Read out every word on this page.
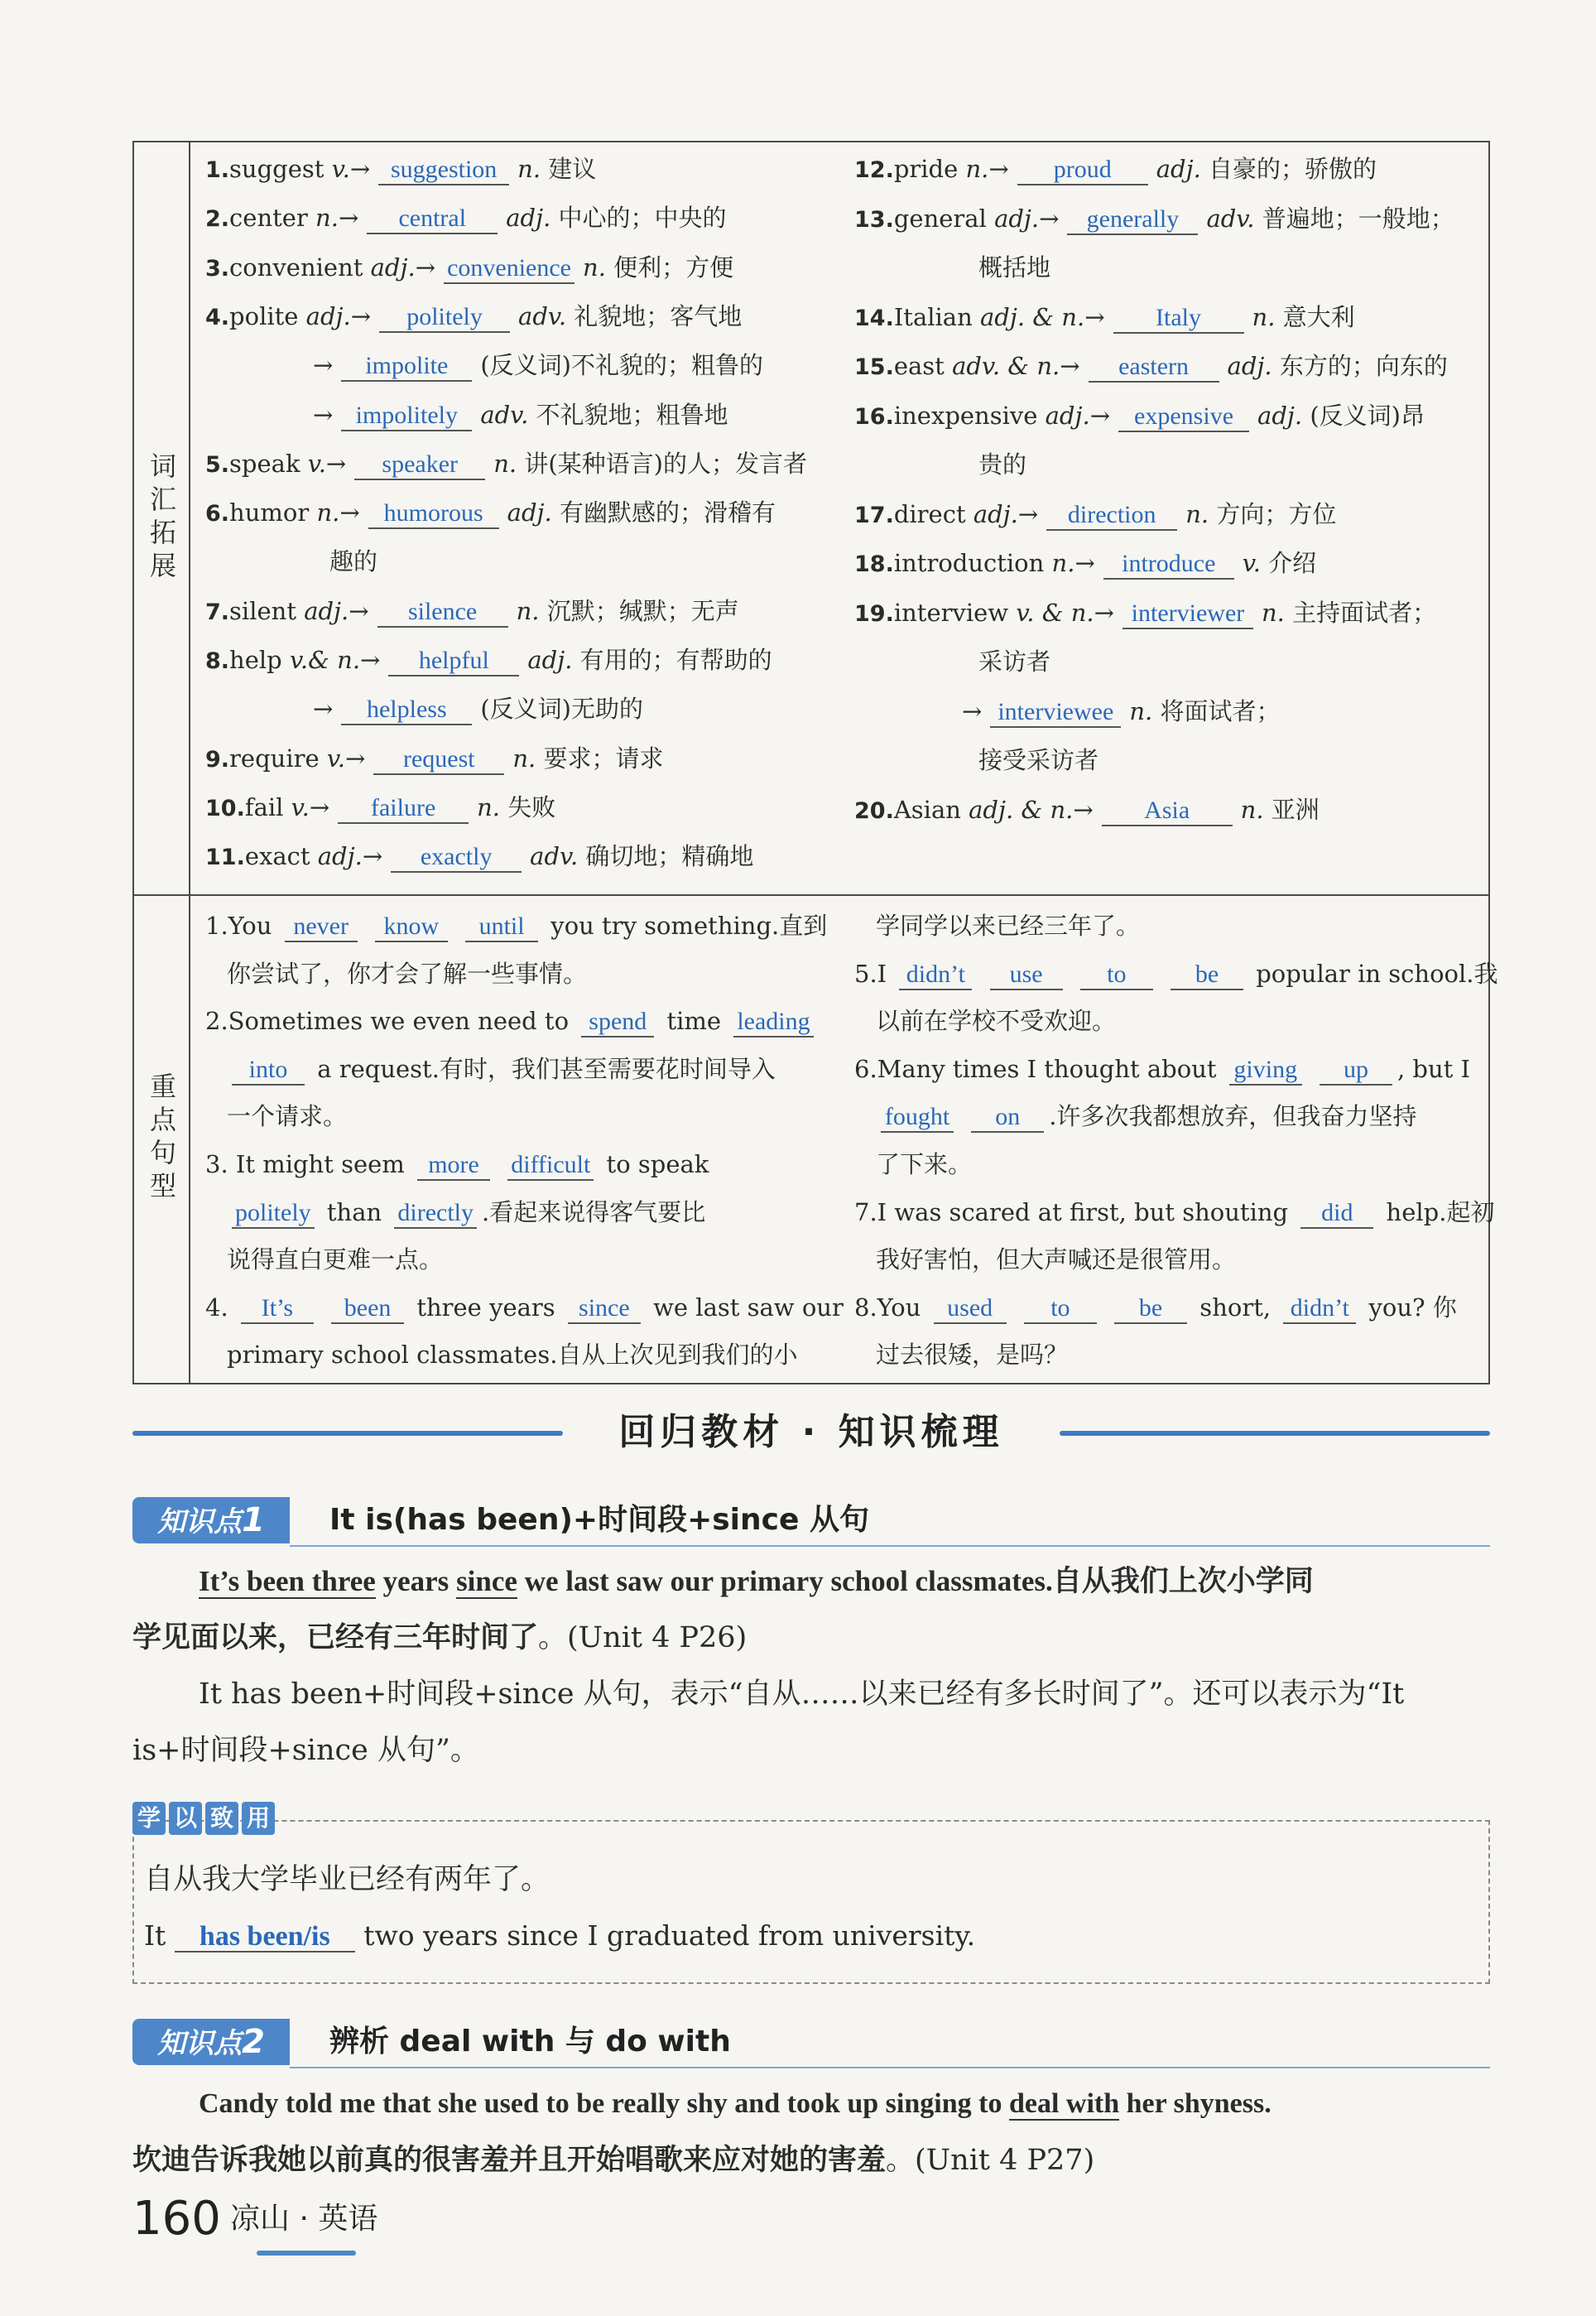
词汇拓展
1.suggest v.→ suggestion n. 建议
2.center n.→ central adj. 中心的；中央的
3.convenient adj.→ convenience n. 便利；方便
4.polite adj.→ politely adv. 礼貌地；客气地
→ impolite (反义词)不礼貌的；粗鲁的
→ impolitely adv. 不礼貌地；粗鲁地
5.speak v.→ speaker n. 讲(某种语言)的人；发言者
6.humor n.→ humorous adj. 有幽默感的；滑稽有
趣的
7.silent adj.→ silence n. 沉默；缄默；无声
8.help v.& n.→ helpful adj. 有用的；有帮助的
→ helpless (反义词)无助的
9.require v.→ request n. 要求；请求
10.fail v.→ failure n. 失败
11.exact adj.→ exactly adv. 确切地；精确地
12.pride n.→ proud adj. 自豪的；骄傲的
13.general adj.→ generally adv. 普遍地；一般地；
概括地
14.Italian adj. & n.→ Italy n. 意大利
15.east adv. & n.→ eastern adj. 东方的；向东的
16.inexpensive adj.→ expensive adj. (反义词)昂
贵的
17.direct adj.→ direction n. 方向；方位
18.introduction n.→ introduce v. 介绍
19.interview v. & n.→ interviewer n. 主持面试者；
采访者
→ interviewee n. 将面试者；
接受采访者
20.Asian adj. & n.→ Asia n. 亚洲
重点句型
1.You never know until you try something.直到
你尝试了，你才会了解一些事情。
2.Sometimes we even need to spend time leading
into a request.有时，我们甚至需要花时间导入
一个请求。
3. It might seem more difficult to speak
politely than directly .看起来说得客气要比
说得直白更难一点。
4. It’s been three years since we last saw our
primary school classmates.自从上次见到我们的小
学同学以来已经三年了。
5.I didn’t use	to	be popular in school.我
以前在学校不受欢迎。
6.Many times I thought about giving up , but I
fought on .许多次我都想放弃，但我奋力坚持
了下来。
7.I was scared at first, but shouting did help.起初
我好害怕，但大声喊还是很管用。
8.You used to	be short, didn’t you? 你
过去很矮，是吗？
回归教材 · 知识梳理
知识点1	It is(has been)+时间段+since 从句
It’s been three years since we last saw our primary school classmates.自从我们上次小学同
学见面以来，已经有三年时间了。(Unit 4 P26)
It has been+时间段+since 从句，表示“自从……以来已经有多长时间了”。还可以表示为“It
is+时间段+since 从句”。
自从我大学毕业已经有两年了。
It has been/is two years since I graduated from university.
学 以 致 用
知识点2	辨析 deal with 与 do with
Candy told me that she used to be really shy and took up singing to deal with her shyness.
坎迪告诉我她以前真的很害羞并且开始唱歌来应对她的害羞。(Unit 4 P27)
160 凉山 · 英语
